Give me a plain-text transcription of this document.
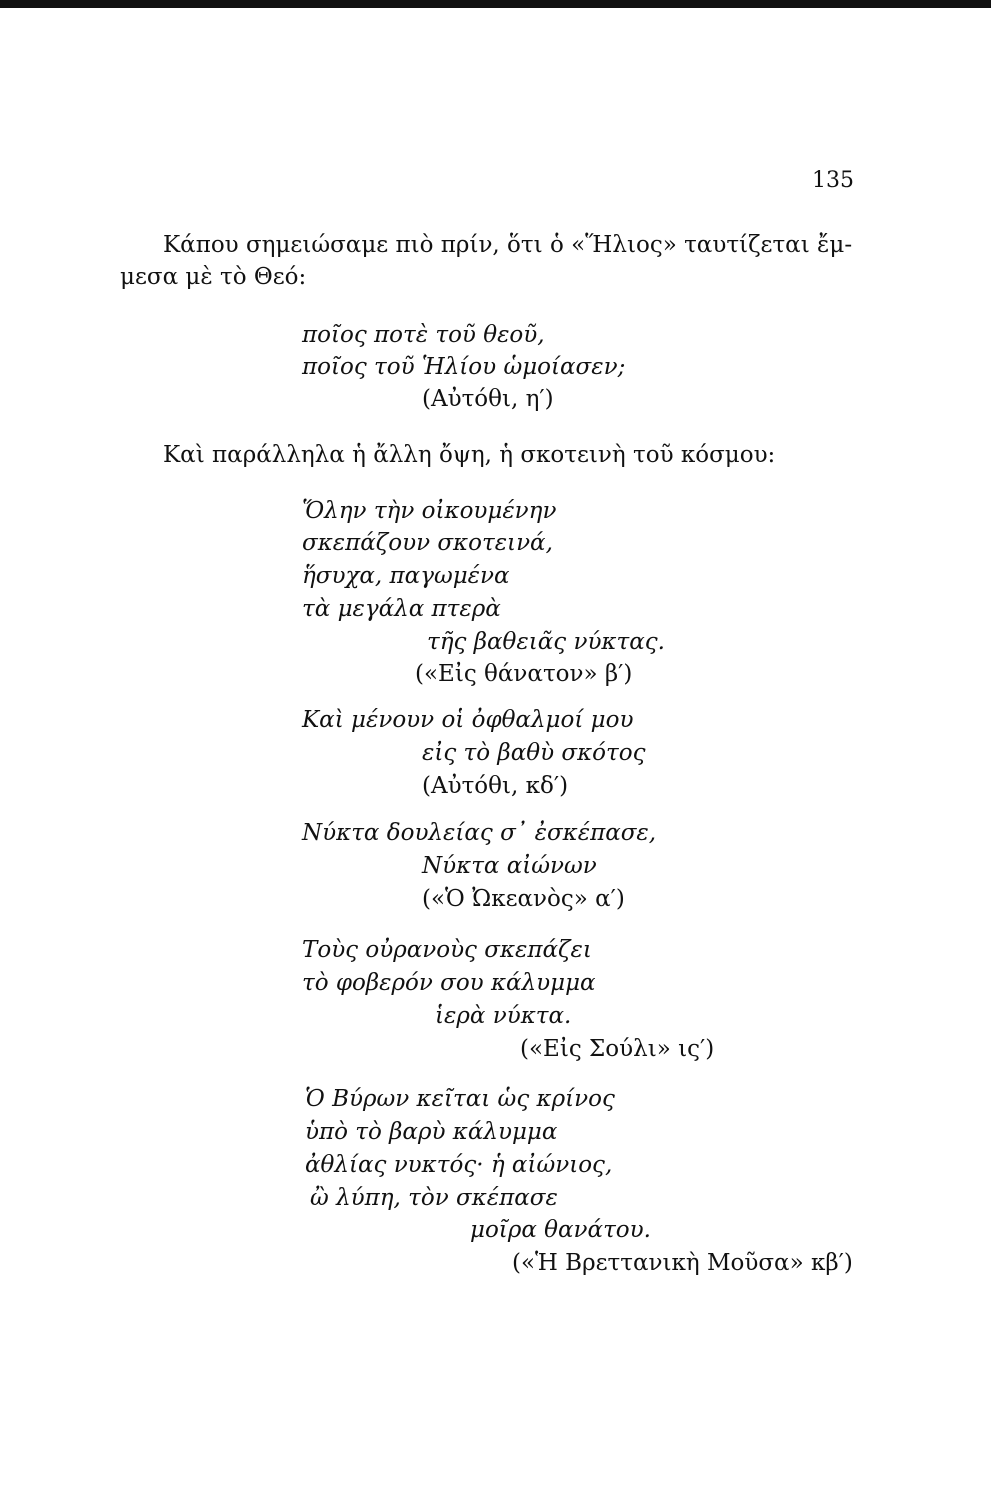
135
Κάπου σημειώσαμε πιὸ πρίν, ὅτι ὁ «Ἥλιος» ταυτίζεται ἔμ-
μεσα μὲ τὸ Θεό:
ποῖος ποτὲ τοῦ θεοῦ,
ποῖος τοῦ Ἡλίου ὡμοίασεν;
(Αὐτόθι, η′)
Καὶ παράλληλα ἡ ἄλλη ὄψη, ἡ σκοτεινὴ τοῦ κόσμου:
Ὅλην τὴν οἰκουμένην
σκεπάζουν σκοτεινά,
ἥσυχα, παγωμένα
τὰ μεγάλα πτερὰ
τῆς βαθειᾶς νύκτας.
(«Εἰς θάνατον» β′)
Καὶ μένουν οἱ ὀφθαλμοί μου
εἰς τὸ βαθὺ σκότος
(Αὐτόθι, κδ′)
Νύκτα δουλείας σ᾽ ἐσκέπασε,
Νύκτα αἰώνων
(«Ὁ Ὠκεανὸς» α′)
Τοὺς οὐρανοὺς σκεπάζει
τὸ φοβερόν σου κάλυμμα
ἱερὰ νύκτα.
(«Εἰς Σούλι» ις′)
Ὁ Βύρων κεῖται ὡς κρίνος
ὑπὸ τὸ βαρὺ κάλυμμα
ἀθλίας νυκτός· ἡ αἰώνιος,
ὢ λύπη, τὸν σκέπασε
μοῖρα θανάτου.
(«Ἡ Βρεττανικὴ Μοῦσα» κβ′)
